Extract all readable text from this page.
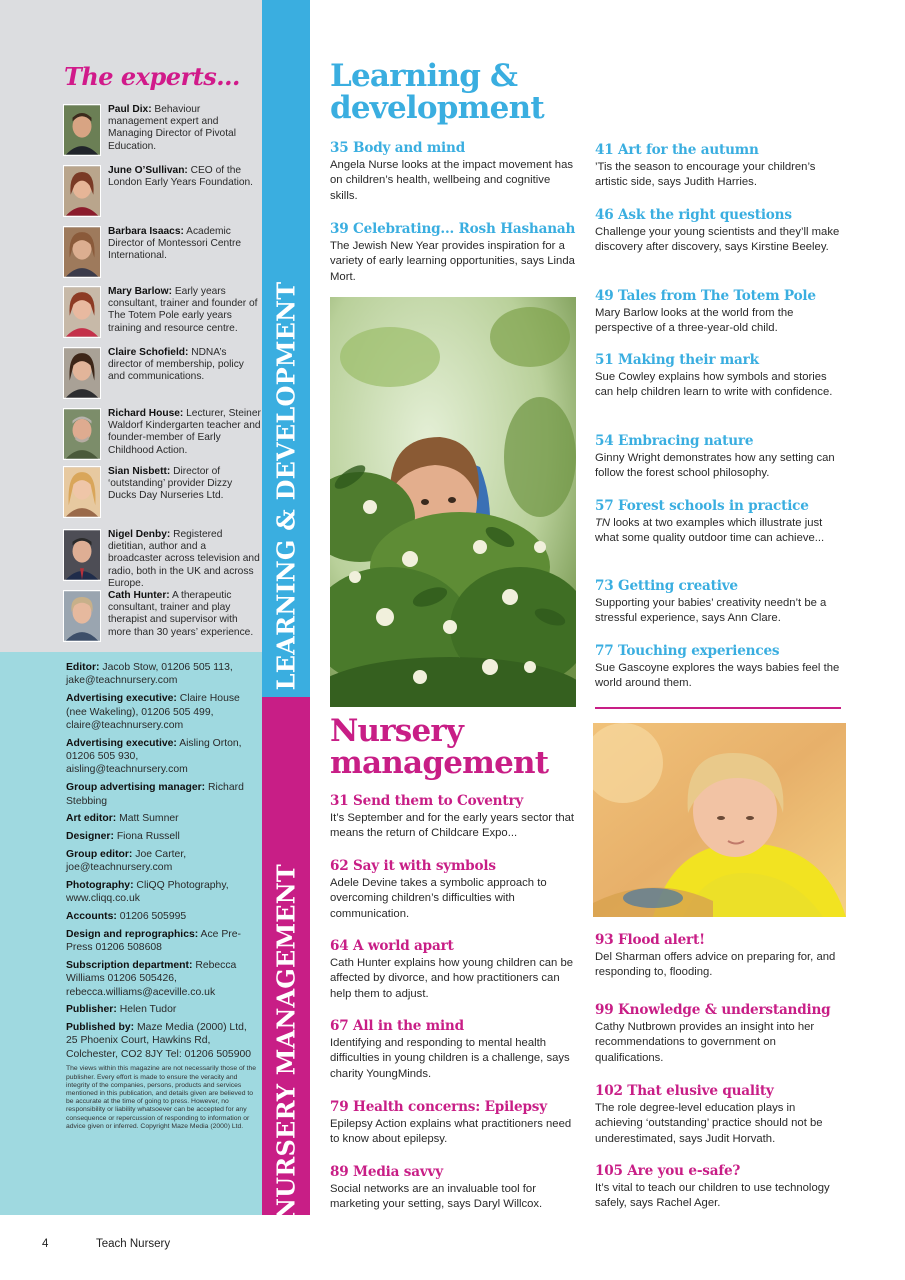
The experts...
Paul Dix: Behaviour management expert and Managing Director of Pivotal Education.
June O’Sullivan: CEO of the London Early Years Foundation.
Barbara Isaacs: Academic Director of Montessori Centre International.
Mary Barlow: Early years consultant, trainer and founder of The Totem Pole early years training and resource centre.
Claire Schofield: NDNA’s director of membership, policy and communications.
Richard House: Lecturer, Steiner Waldorf Kindergarten teacher and founder-member of Early Childhood Action.
Sian Nisbett: Director of ‘outstanding’ provider Dizzy Ducks Day Nurseries Ltd.
Nigel Denby: Registered dietitian, author and a broadcaster across television and radio, both in the UK and across Europe.
Cath Hunter: A therapeutic consultant, trainer and play therapist and supervisor with more than 30 years’ experience.
Editor: Jacob Stow, 01206 505 113, jake@teachnursery.com
Advertising executive: Claire House (nee Wakeling), 01206 505 499, claire@teachnursery.com
Advertising executive: Aisling Orton, 01206 505 930, aisling@teachnursery.com
Group advertising manager: Richard Stebbing
Art editor: Matt Sumner
Designer: Fiona Russell
Group editor: Joe Carter, joe@teachnursery.com
Photography: CliQQ Photography, www.cliqq.co.uk
Accounts: 01206 505995
Design and reprographics: Ace Pre-Press 01206 508608
Subscription department: Rebecca Williams 01206 505426, rebecca.williams@aceville.co.uk
Publisher: Helen Tudor
Published by: Maze Media (2000) Ltd, 25 Phoenix Court, Hawkins Rd, Colchester, CO2 8JY Tel: 01206 505900
The views within this magazine are not necessarily those of the publisher. Every effort is made to ensure the veracity and integrity of the companies, persons, products and services mentioned in this publication, and details given are believed to be accurate at the time of going to press. However, no responsibility or liability whatsoever can be accepted for any consequence or repercussion of responding to information or advice given or inferred. Copyright Maze Media (2000) Ltd.
LEARNING & DEVELOPMENT
NURSERY MANAGEMENT
Learning &
development
35 Body and mind
Angela Nurse looks at the impact movement has on children’s health, wellbeing and cognitive skills.
39 Celebrating... Rosh Hashanah
The Jewish New Year provides inspiration for a variety of early learning opportunities, says Linda Mort.
41 Art for the autumn
’Tis the season to encourage your children’s artistic side, says Judith Harries.
46 Ask the right questions
Challenge your young scientists and they’ll make discovery after discovery, says Kirstine Beeley.
49 Tales from The Totem Pole
Mary Barlow looks at the world from the perspective of a three-year-old child.
51 Making their mark
Sue Cowley explains how symbols and stories can help children learn to write with confidence.
54 Embracing nature
Ginny Wright demonstrates how any setting can follow the forest school philosophy.
57 Forest schools in practice
TN looks at two examples which illustrate just what some quality outdoor time can achieve...
73 Getting creative
Supporting your babies’ creativity needn’t be a stressful experience, says Ann Clare.
77 Touching experiences
Sue Gascoyne explores the ways babies feel the world around them.
Nursery
management
31 Send them to Coventry
It’s September and for the early years sector that means the return of Childcare Expo...
62 Say it with symbols
Adele Devine takes a symbolic approach to overcoming children’s difficulties with communication.
64 A world apart
Cath Hunter explains how young children can be affected by divorce, and how practitioners can help them to adjust.
67 All in the mind
Identifying and responding to mental health difficulties in young children is a challenge, says charity YoungMinds.
79 Health concerns: Epilepsy
Epilepsy Action explains what practitioners need to know about epilepsy.
89 Media savvy
Social networks are an invaluable tool for marketing your setting, says Daryl Willcox.
93 Flood alert!
Del Sharman offers advice on preparing for, and responding to, flooding.
99 Knowledge & understanding
Cathy Nutbrown provides an insight into her recommendations to government on qualifications.
102 That elusive quality
The role degree-level education plays in achieving ‘outstanding’ practice should not be underestimated, says Judit Horvath.
105 Are you e-safe?
It’s vital to teach our children to use technology safely, says Rachel Ager.
4	Teach Nursery
